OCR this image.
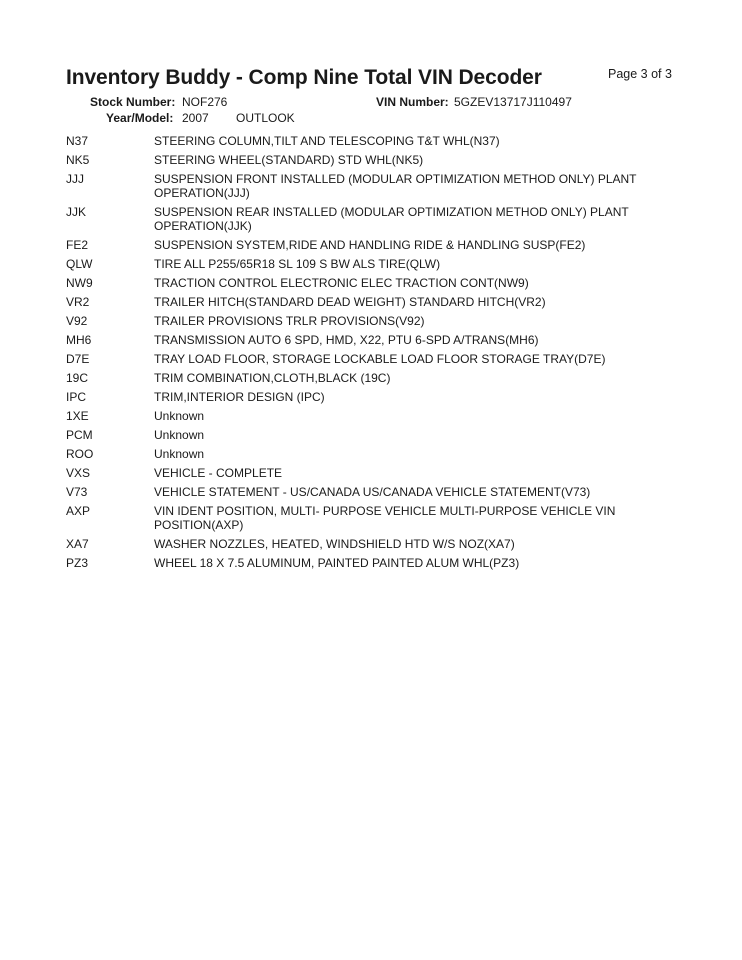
Inventory Buddy - Comp Nine Total VIN Decoder	Page 3 of 3
Stock Number: NOF276	VIN Number: 5GZEV13717J110497
Year/Model: 2007 OUTLOOK
N37	STEERING COLUMN,TILT AND TELESCOPING T&T WHL(N37)
NK5	STEERING WHEEL(STANDARD) STD WHL(NK5)
JJJ	SUSPENSION FRONT INSTALLED (MODULAR OPTIMIZATION METHOD ONLY) PLANT OPERATION(JJJ)
JJK	SUSPENSION REAR INSTALLED (MODULAR OPTIMIZATION METHOD ONLY) PLANT OPERATION(JJK)
FE2	SUSPENSION SYSTEM,RIDE AND HANDLING RIDE & HANDLING SUSP(FE2)
QLW	TIRE ALL P255/65R18 SL 109 S BW ALS TIRE(QLW)
NW9	TRACTION CONTROL ELECTRONIC ELEC TRACTION CONT(NW9)
VR2	TRAILER HITCH(STANDARD DEAD WEIGHT) STANDARD HITCH(VR2)
V92	TRAILER PROVISIONS TRLR PROVISIONS(V92)
MH6	TRANSMISSION AUTO 6 SPD, HMD, X22, PTU 6-SPD A/TRANS(MH6)
D7E	TRAY LOAD FLOOR, STORAGE LOCKABLE LOAD FLOOR STORAGE TRAY(D7E)
19C	TRIM COMBINATION,CLOTH,BLACK (19C)
IPC	TRIM,INTERIOR DESIGN (IPC)
1XE	Unknown
PCM	Unknown
ROO	Unknown
VXS	VEHICLE - COMPLETE
V73	VEHICLE STATEMENT - US/CANADA US/CANADA VEHICLE STATEMENT(V73)
AXP	VIN IDENT POSITION, MULTI- PURPOSE VEHICLE MULTI-PURPOSE VEHICLE VIN POSITION(AXP)
XA7	WASHER NOZZLES, HEATED, WINDSHIELD HTD W/S NOZ(XA7)
PZ3	WHEEL 18 X 7.5 ALUMINUM, PAINTED PAINTED ALUM WHL(PZ3)
